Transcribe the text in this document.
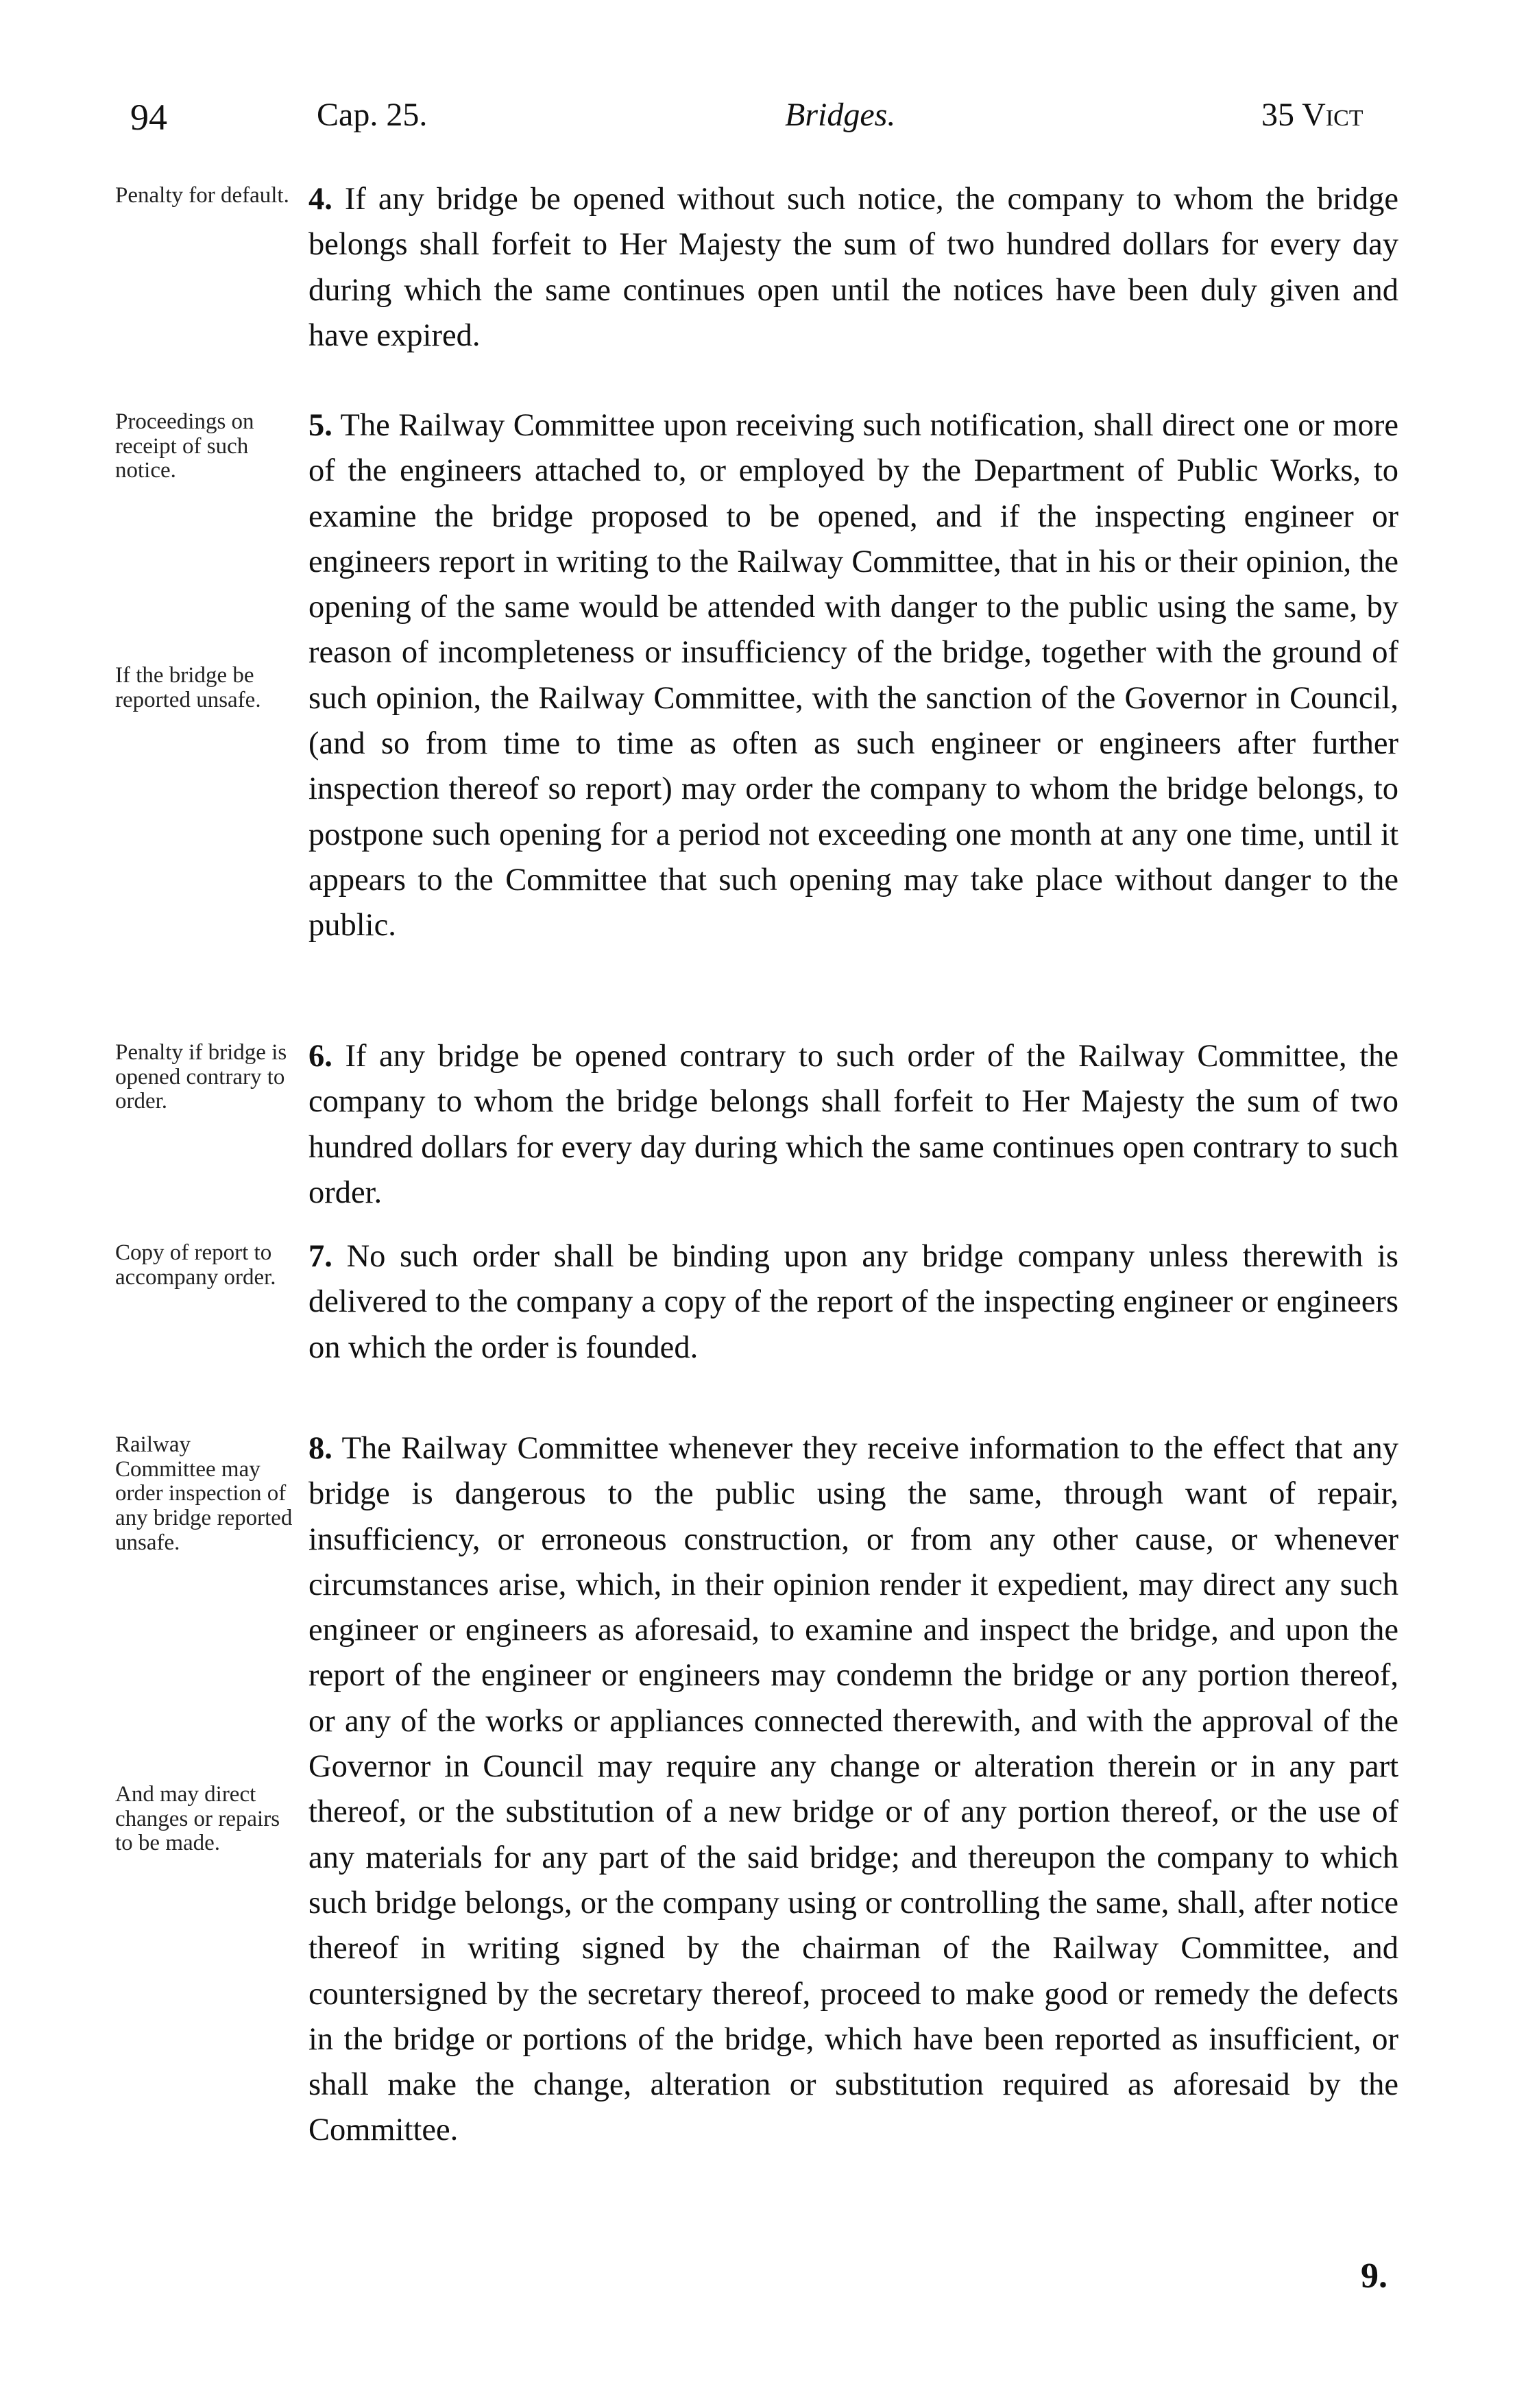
94	Cap. 25.	Bridges.	35 Vict
Penalty for default. 4. If any bridge be opened without such notice, the company to whom the bridge belongs shall forfeit to Her Majesty the sum of two hundred dollars for every day during which the same continues open until the notices have been duly given and have expired.
Proceedings on receipt of such notice.
If the bridge be reported unsafe.
5. The Railway Committee upon receiving such notification, shall direct one or more of the engineers attached to, or employed by the Department of Public Works, to examine the bridge proposed to be opened, and if the inspecting engineer or engineers report in writing to the Railway Committee, that in his or their opinion, the opening of the same would be attended with danger to the public using the same, by reason of incompleteness or insufficiency of the bridge, together with the ground of such opinion, the Railway Committee, with the sanction of the Governor in Council, (and so from time to time as often as such engineer or engineers after further inspection thereof so report) may order the company to whom the bridge belongs, to postpone such opening for a period not exceeding one month at any one time, until it appears to the Committee that such opening may take place without danger to the public.
Penalty if bridge is opened contrary to order.
6. If any bridge be opened contrary to such order of the Railway Committee, the company to whom the bridge belongs shall forfeit to Her Majesty the sum of two hundred dollars for every day during which the same continues open contrary to such order.
Copy of report to accompany order.
7. No such order shall be binding upon any bridge company unless therewith is delivered to the company a copy of the report of the inspecting engineer or engineers on which the order is founded.
Railway Committee may order inspection of any bridge reported unsafe.
And may direct changes or repairs to be made.
8. The Railway Committee whenever they receive information to the effect that any bridge is dangerous to the public using the same, through want of repair, insufficiency, or erroneous construction, or from any other cause, or whenever circumstances arise, which, in their opinion render it expedient, may direct any such engineer or engineers as aforesaid, to examine and inspect the bridge, and upon the report of the engineer or engineers may condemn the bridge or any portion thereof, or any of the works or appliances connected therewith, and with the approval of the Governor in Council may require any change or alteration therein or in any part thereof, or the substitution of a new bridge or of any portion thereof, or the use of any materials for any part of the said bridge; and thereupon the company to which such bridge belongs, or the company using or controlling the same, shall, after notice thereof in writing signed by the chairman of the Railway Committee, and countersigned by the secretary thereof, proceed to make good or remedy the defects in the bridge or portions of the bridge, which have been reported as insufficient, or shall make the change, alteration or substitution required as aforesaid by the Committee.
9.
